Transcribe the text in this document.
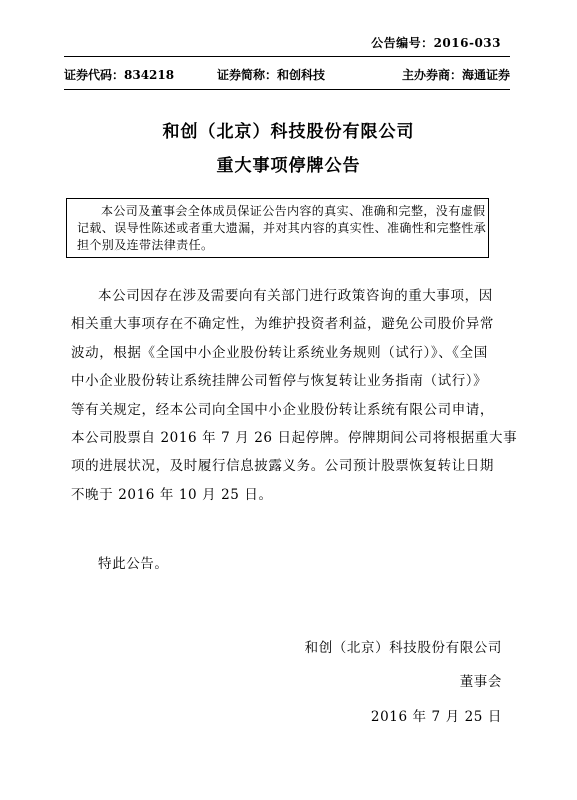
公告编号：2016-033
证券代码：834218	证券简称：和创科技	主办券商：海通证券
和创（北京）科技股份有限公司
重大事项停牌公告
本公司及董事会全体成员保证公告内容的真实、准确和完整，没有虚假
记载、误导性陈述或者重大遗漏，并对其内容的真实性、准确性和完整性承
担个别及连带法律责任。
本公司因存在涉及需要向有关部门进行政策咨询的重大事项，因
相关重大事项存在不确定性，为维护投资者利益，避免公司股价异常
波动，根据《全国中小企业股份转让系统业务规则（试行）》、《全国
中小企业股份转让系统挂牌公司暂停与恢复转让业务指南（试行）》
等有关规定，经本公司向全国中小企业股份转让系统有限公司申请，
本公司股票自 2016 年 7 月 26 日起停牌。停牌期间公司将根据重大事
项的进展状况，及时履行信息披露义务。公司预计股票恢复转让日期
不晚于 2016 年 10 月 25 日。
特此公告。
和创（北京）科技股份有限公司
董事会
2016 年 7 月 25 日
